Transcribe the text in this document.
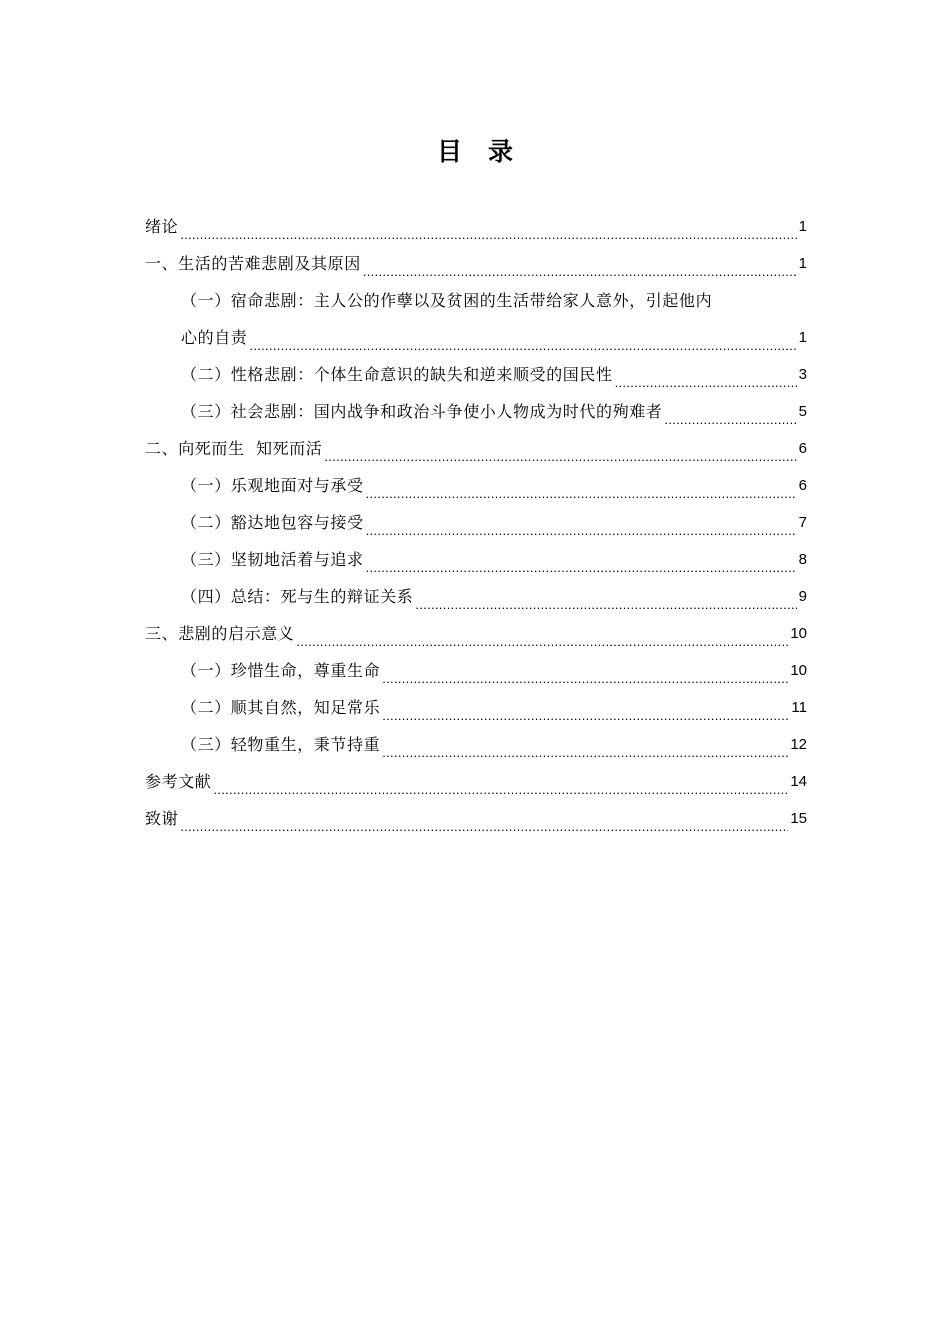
目 录
绪论 .....	1
一、生活的苦难悲剧及其原因 .....	1
（一）宿命悲剧：主人公的作孽以及贫困的生活带给家人意外，引起他内
心的自责 .....	1
（二）性格悲剧：个体生命意识的缺失和逆来顺受的国民性 .....	3
（三）社会悲剧：国内战争和政治斗争使小人物成为时代的殉难者 .....	5
二、向死而生  知死而活 .....	6
（一）乐观地面对与承受 .....	6
（二）豁达地包容与接受 .....	7
（三）坚韧地活着与追求 .....	8
（四）总结：死与生的辩证关系 .....	9
三、悲剧的启示意义 .....	10
（一）珍惜生命，尊重生命 .....	10
（二）顺其自然，知足常乐 .....	11
（三）轻物重生，秉节持重 .....	12
参考文献 .....	14
致谢 .....	15
